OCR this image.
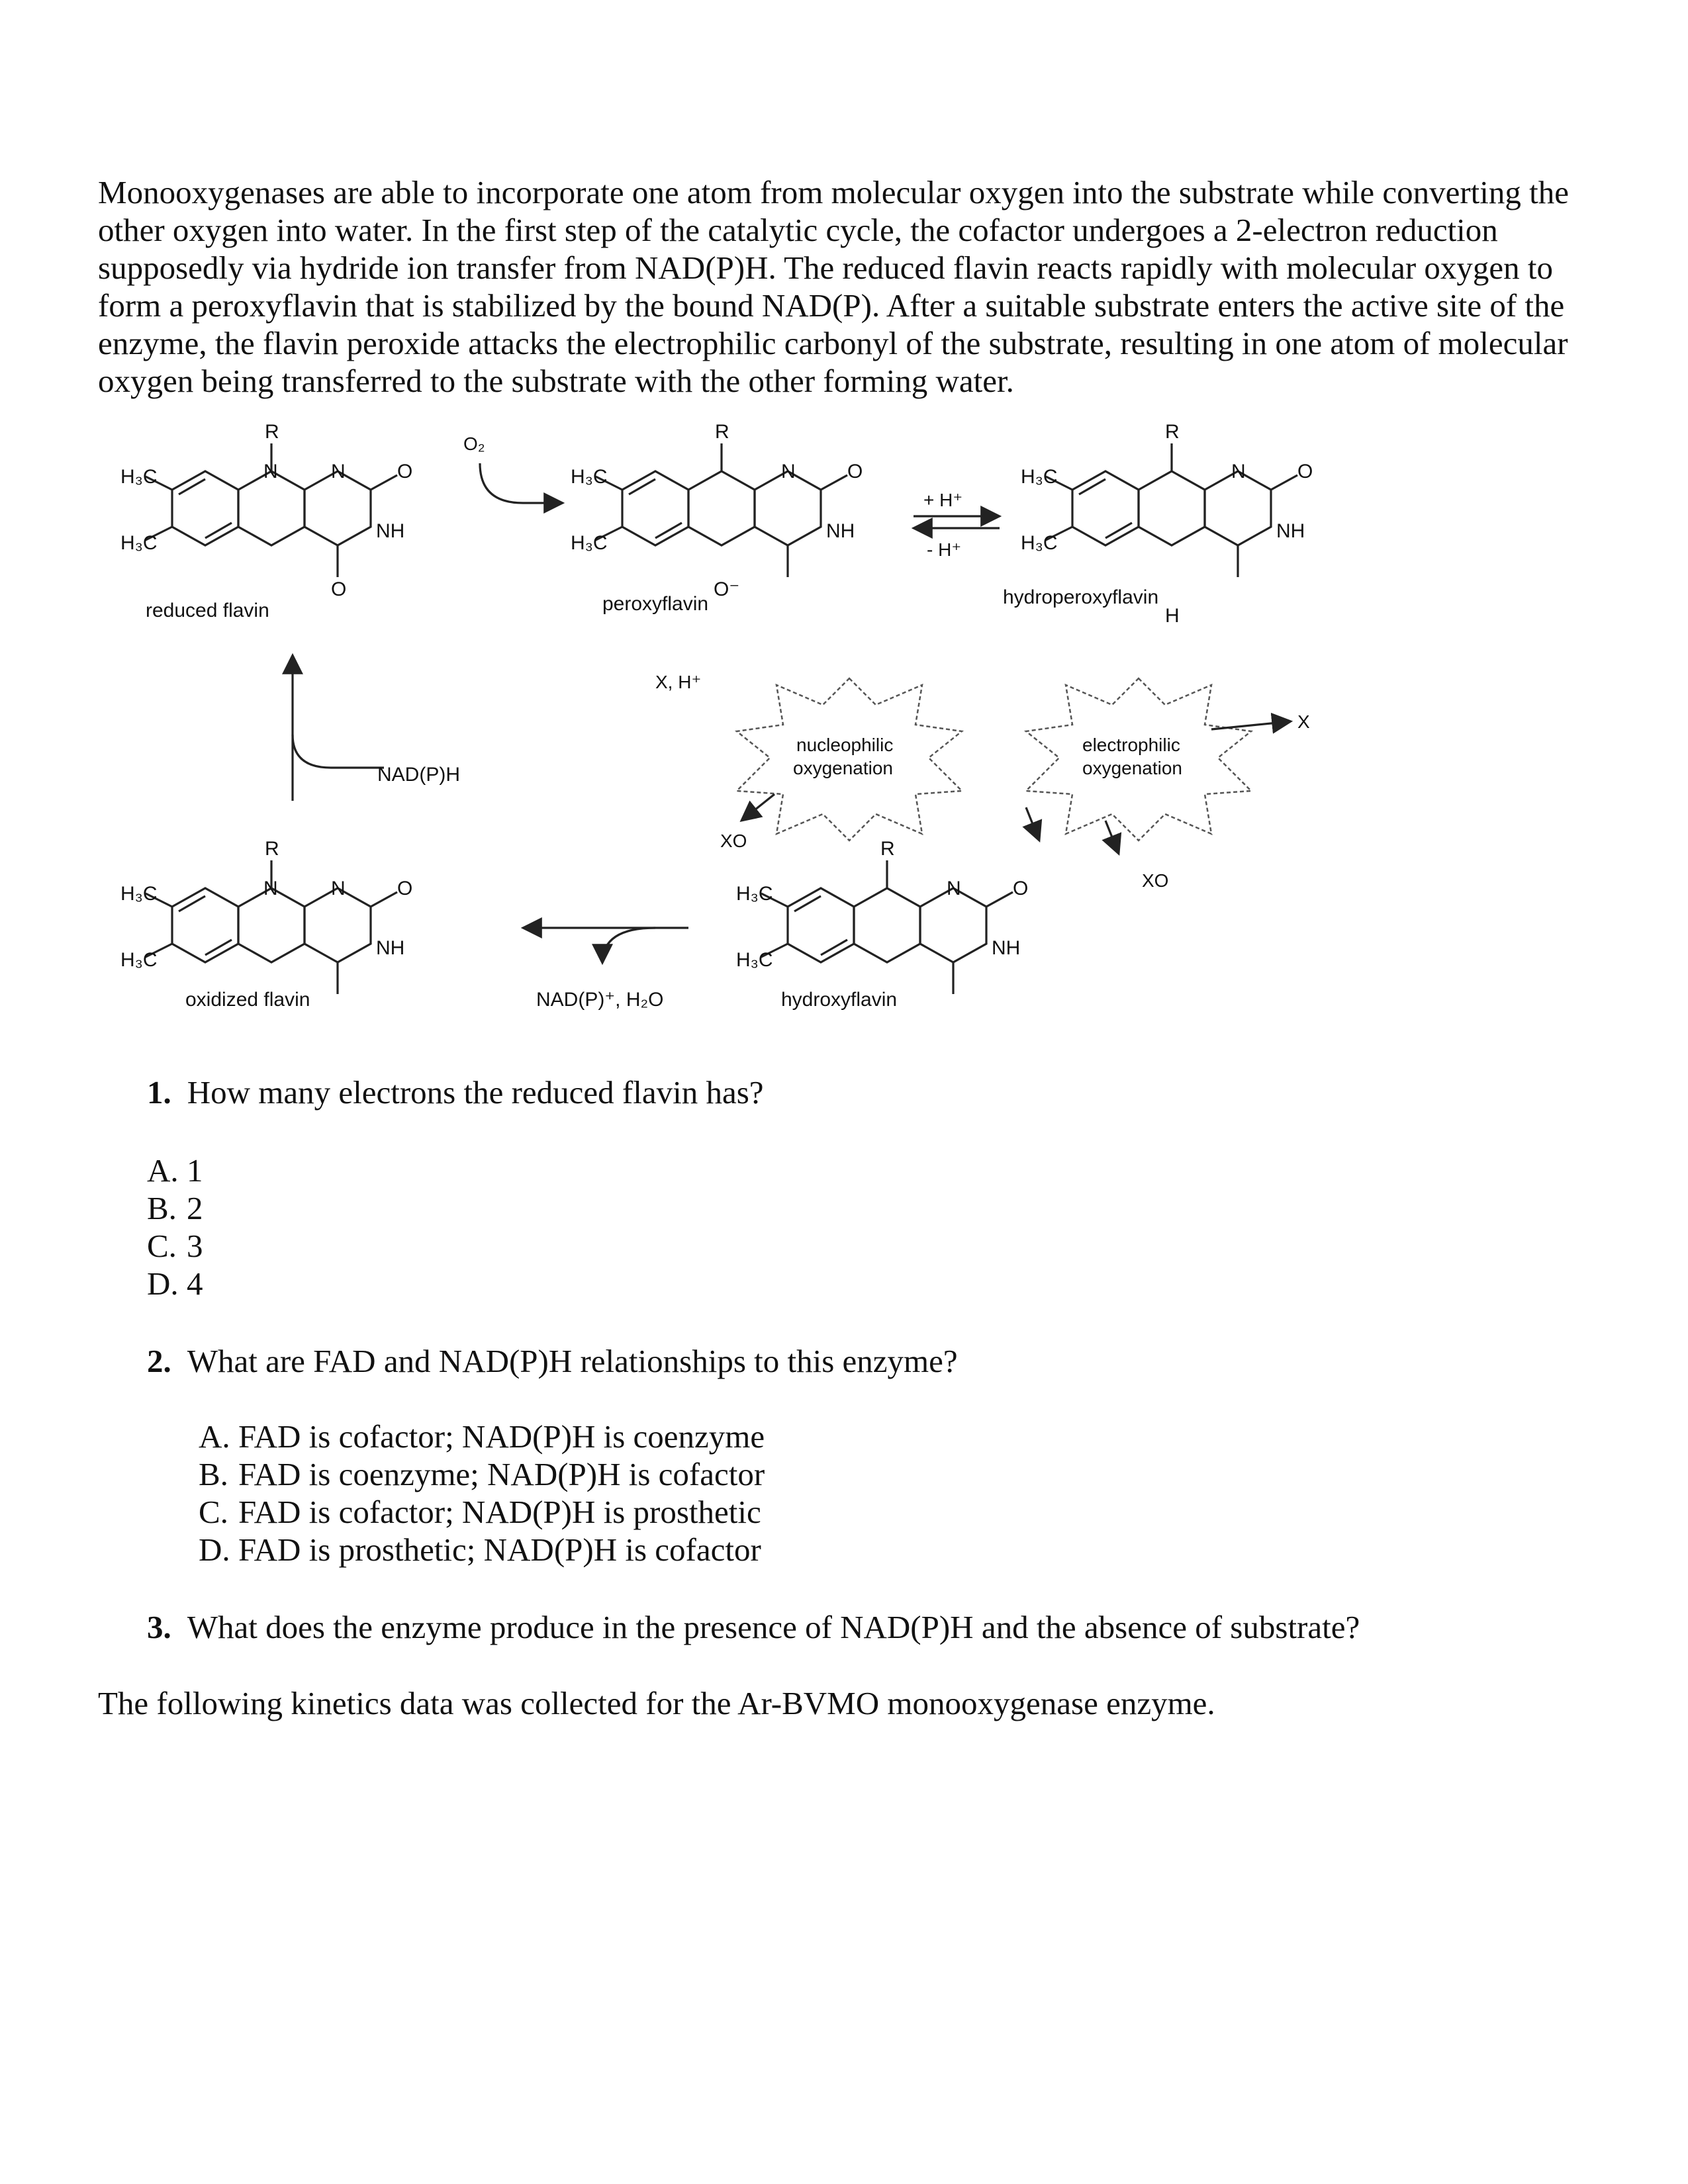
Monooxygenases are able to incorporate one atom from molecular oxygen into the substrate while converting the other oxygen into water. In the first step of the catalytic cycle, the cofactor undergoes a 2-electron reduction supposedly via hydride ion transfer from NAD(P)H. The reduced flavin reacts rapidly with molecular oxygen to form a peroxyflavin that is stabilized by the bound NAD(P). After a suitable substrate enters the active site of the enzyme, the flavin peroxide attacks the electrophilic carbonyl of the substrate, resulting in one atom of molecular oxygen being transferred to the substrate with the other forming water.

R
N	N	O
NH
H₃C
H₃C
O
reduced flavin
O₂
R
N	O
NH
H₃C
H₃C
O⁻
peroxyflavin
+ H⁺
- H⁺
R
N	O
NH
H₃C
H₃C
H
hydroperoxyflavin
NAD(P)H
X, H⁺
nucleophilic
oxygenation
XO
electrophilic
oxygenation
X
XO
R
N	N	O
NH
H₃C
H₃C
oxidized flavin	NAD(P)⁺, H₂O
R
N	O
NH
H₃C
H₃C
hydroxyflavin

1. How many electrons the reduced flavin has?

A. 1
B. 2
C. 3
D. 4

2. What are FAD and NAD(P)H relationships to this enzyme?

A. FAD is cofactor; NAD(P)H is coenzyme
B. FAD is coenzyme; NAD(P)H is cofactor
C. FAD is cofactor; NAD(P)H is prosthetic
D. FAD is prosthetic; NAD(P)H is cofactor

3. What does the enzyme produce in the presence of NAD(P)H and the absence of substrate?

The following kinetics data was collected for the Ar-BVMO monooxygenase enzyme.
